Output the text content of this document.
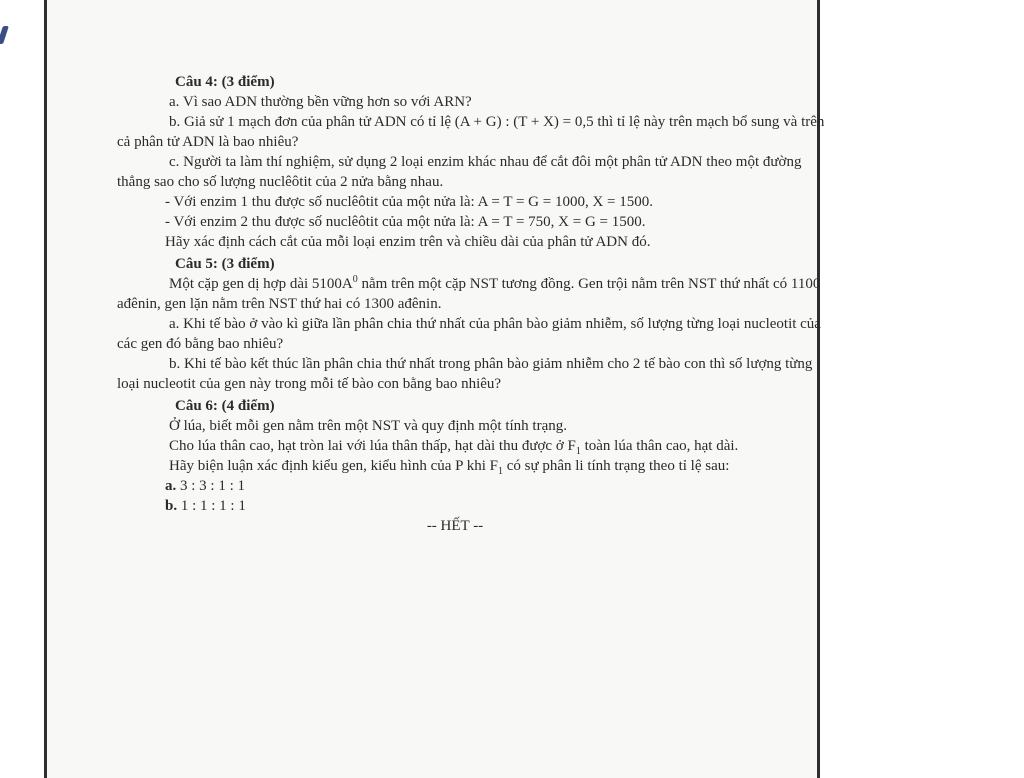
Câu 4: (3 điểm)

a. Vì sao ADN thường bền vững hơn so với ARN?

b. Giả sử 1 mạch đơn của phân tử ADN có tỉ lệ (A + G) : (T + X) = 0,5 thì tỉ lệ này trên mạch bổ sung và trên cả phân tử ADN là bao nhiêu?

c. Người ta làm thí nghiệm, sử dụng 2 loại enzim khác nhau để cắt đôi một phân tử ADN theo một đường thẳng sao cho số lượng nuclêôtit của 2 nửa bằng nhau.

- Với enzim 1 thu được số nuclêôtit của một nửa là: A = T = G = 1000, X = 1500.

- Với enzim 2 thu được số nuclêôtit của một nửa là: A = T = 750, X = G = 1500.

Hãy xác định cách cắt của mỗi loại enzim trên và chiều dài của phân tử ADN đó.

Câu 5: (3 điểm)

Một cặp gen dị hợp dài $5100A^0$ nằm trên một cặp NST tương đồng. Gen trội nằm trên NST thứ nhất có 1100 ađênin, gen lặn nằm trên NST thứ hai có 1300 ađênin.

a. Khi tế bào ở vào kì giữa lần phân chia thứ nhất của phân bào giảm nhiễm, số lượng từng loại nucleotit của các gen đó bằng bao nhiêu?

b. Khi tế bào kết thúc lần phân chia thứ nhất trong phân bào giảm nhiễm cho 2 tế bào con thì số lượng từng loại nucleotit của gen này trong mỗi tế bào con bằng bao nhiêu?

Câu 6: (4 điểm)

Ở lúa, biết mỗi gen nằm trên một NST và quy định một tính trạng.

Cho lúa thân cao, hạt tròn lai với lúa thân thấp, hạt dài thu được ở $F_1$ toàn lúa thân cao, hạt dài.

Hãy biện luận xác định kiểu gen, kiểu hình của P khi $F_1$ có sự phân li tính trạng theo tỉ lệ sau:

a. 3 : 3 : 1 : 1

b. 1 : 1 : 1 : 1

-- HẾT --
